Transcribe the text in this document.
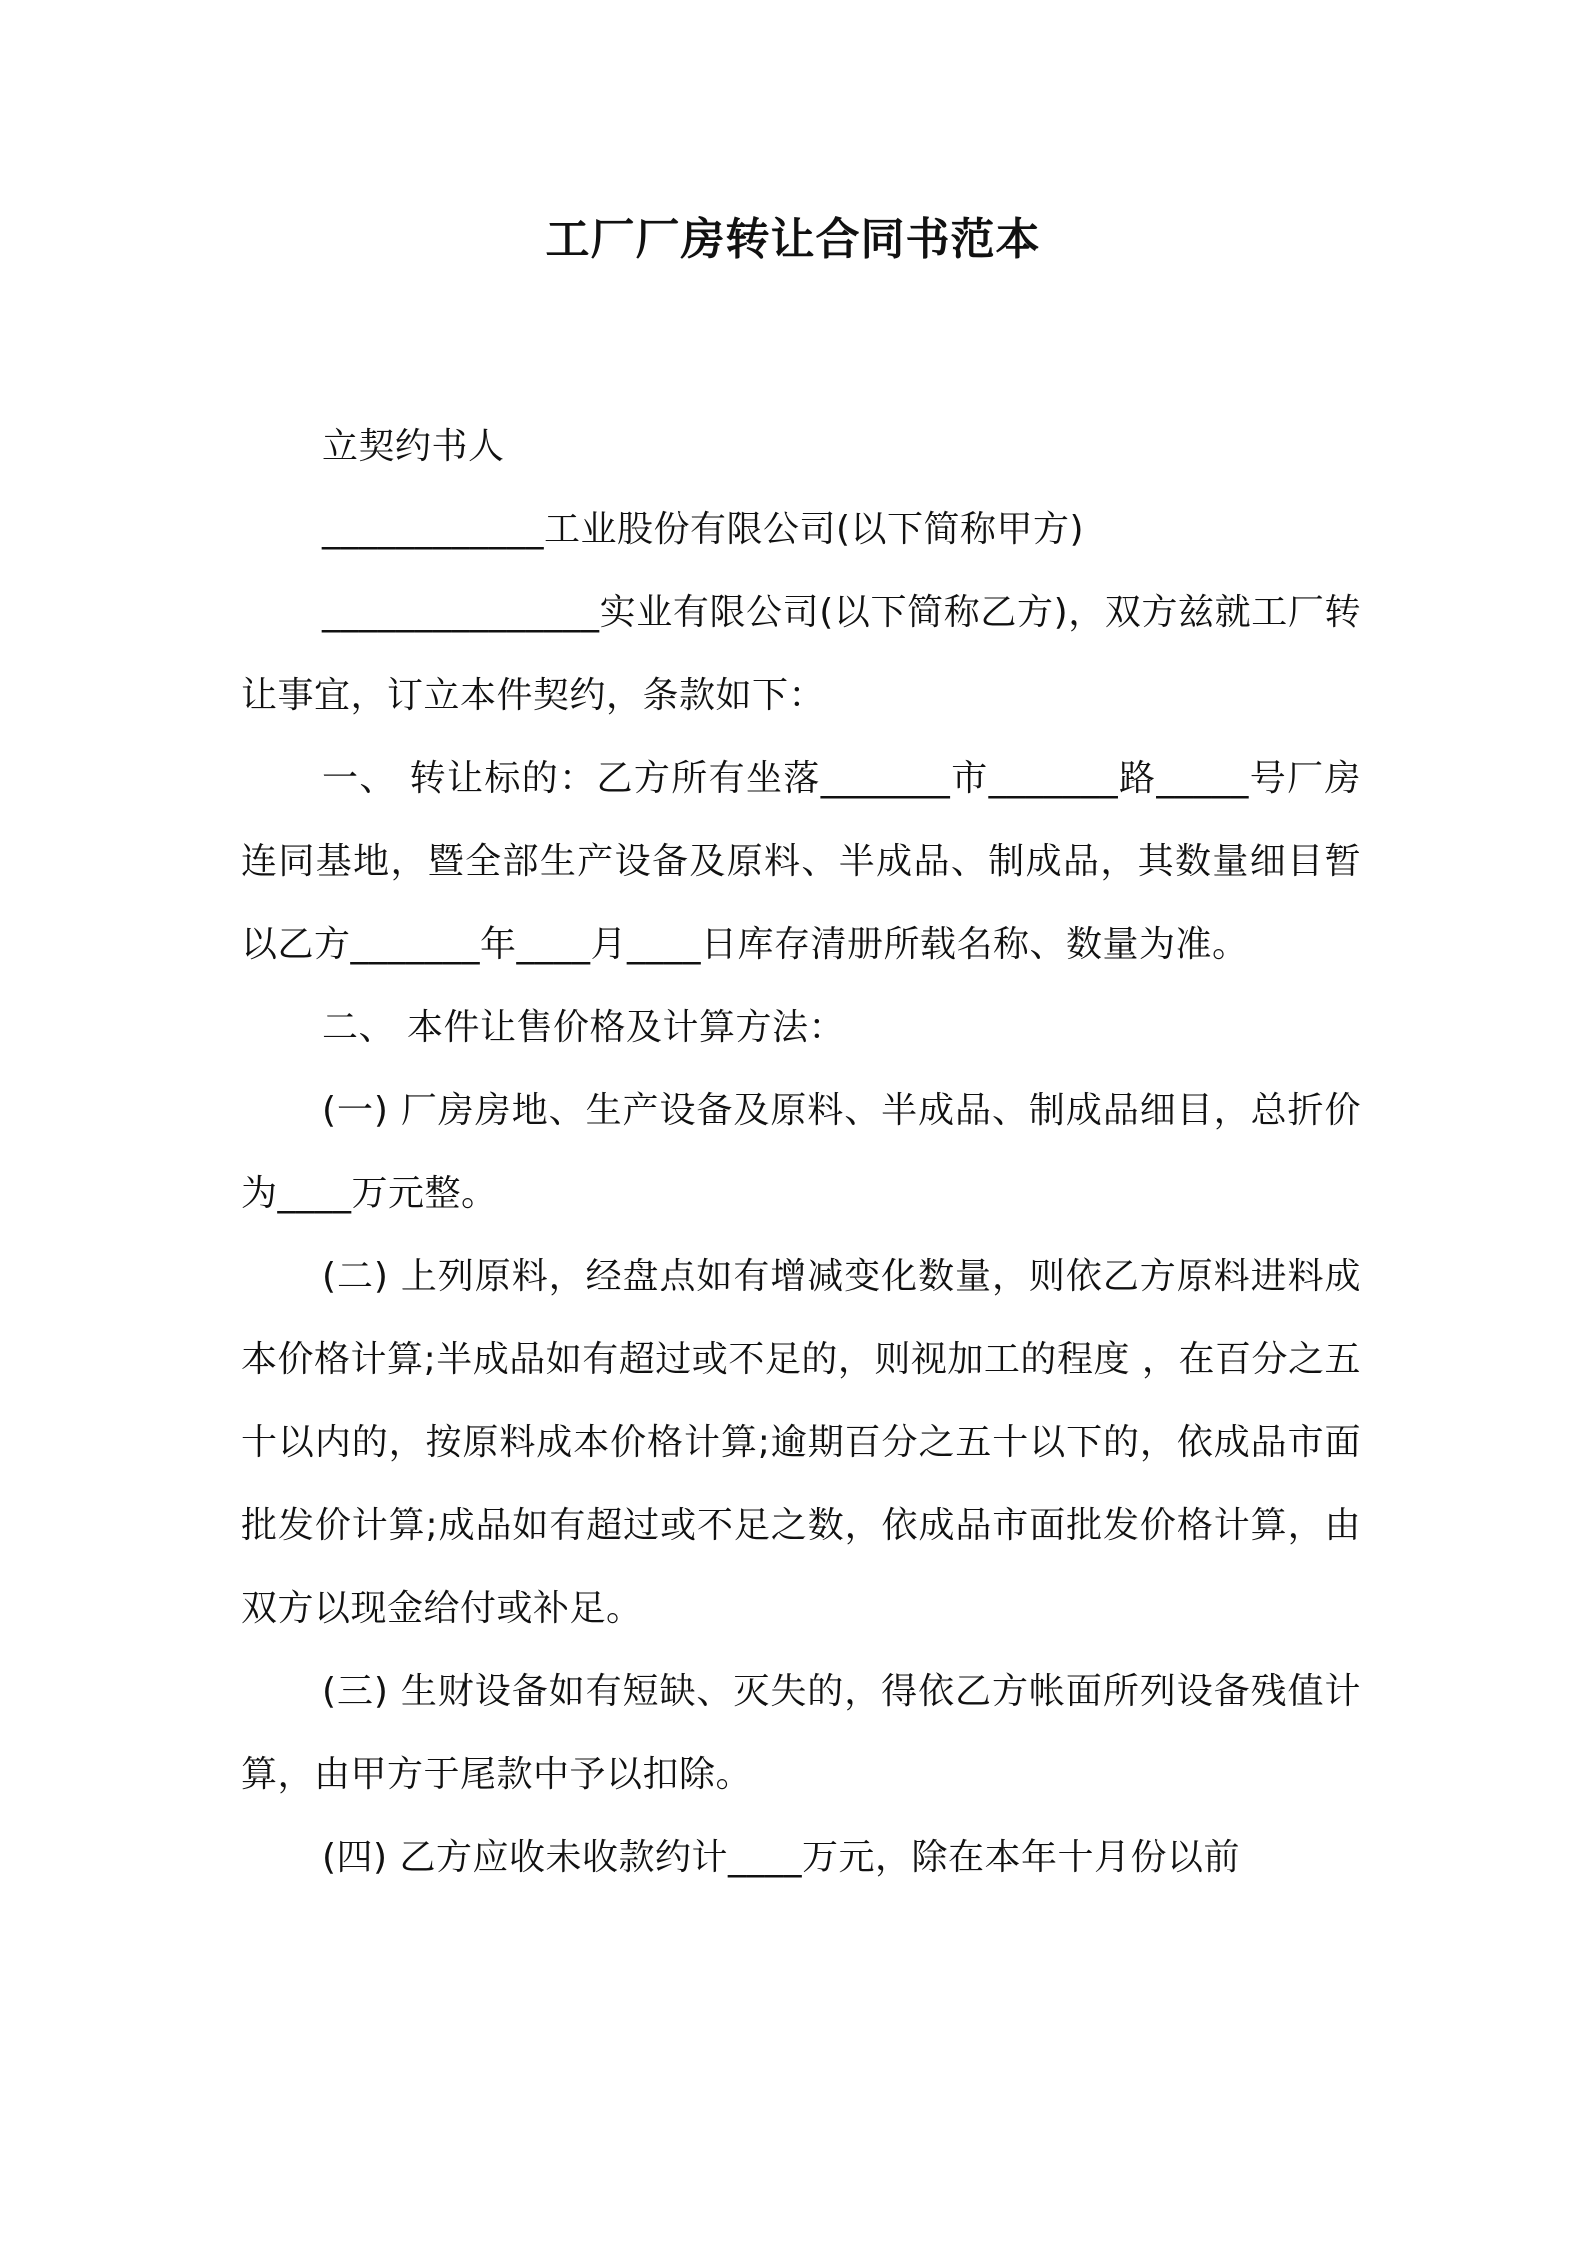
工厂厂房转让合同书范本

立契约书人

____________工业股份有限公司(以下简称甲方)

_______________实业有限公司(以下简称乙方)，双方兹就工厂转让事宜，订立本件契约，条款如下：

一、 转让标的：乙方所有坐落_______市_______路_____号厂房连同基地，暨全部生产设备及原料、半成品、制成品，其数量细目暂以乙方_______年____月____日库存清册所载名称、数量为准。

二、 本件让售价格及计算方法：

(一) 厂房房地、生产设备及原料、半成品、制成品细目，总折价为____万元整。

(二) 上列原料，经盘点如有增减变化数量，则依乙方原料进料成本价格计算;半成品如有超过或不足的，则视加工的程度 ，在百分之五十以内的，按原料成本价格计算;逾期百分之五十以下的，依成品市面批发价计算;成品如有超过或不足之数，依成品市面批发价格计算，由双方以现金给付或补足。

(三) 生财设备如有短缺、灭失的，得依乙方帐面所列设备残值计算，由甲方于尾款中予以扣除。

(四) 乙方应收未收款约计____万元，除在本年十月份以前
